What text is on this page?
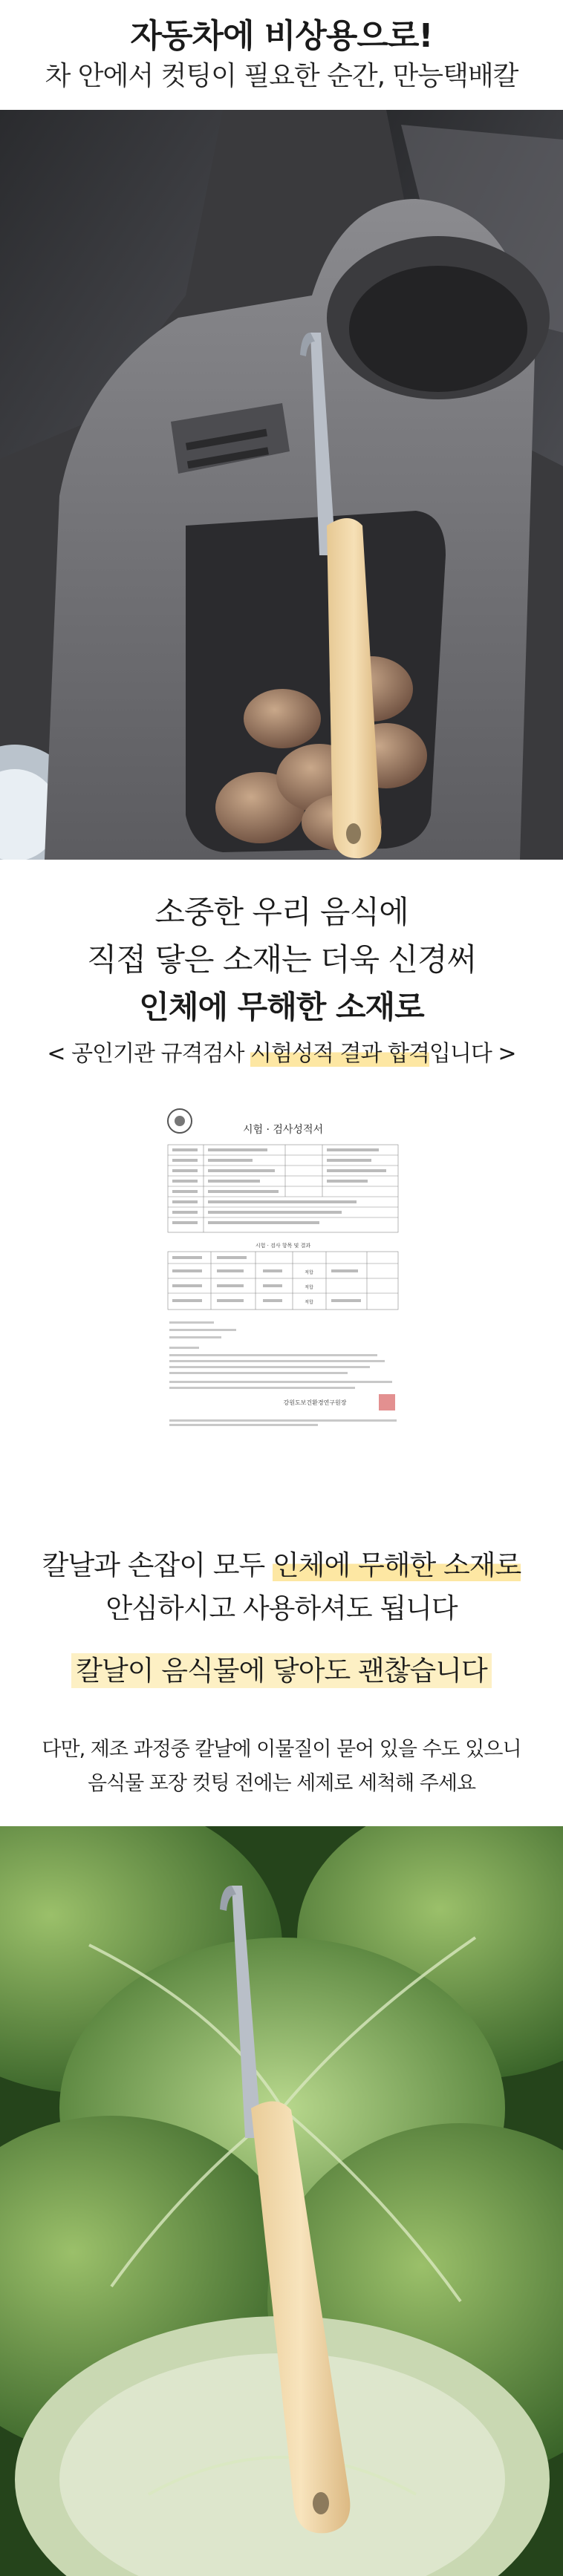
자동차에 비상용으로!
차 안에서 컷팅이 필요한 순간, 만능택배칼
소중한 우리 음식에
직접 닿은 소재는 더욱 신경써
인체에 무해한 소재로
< 공인기관 규격검사 시험성적 결과 합격입니다 >
시험 · 검사성적서
시험 · 검사 항목 및 결과
적합
적합
적합
강원도보건환경연구원장
칼날과 손잡이 모두 인체에 무해한 소재로
안심하시고 사용하셔도 됩니다
칼날이 음식물에 닿아도 괜찮습니다
다만, 제조 과정중 칼날에 이물질이 묻어 있을 수도 있으니
음식물 포장 컷팅 전에는 세제로 세척해 주세요
